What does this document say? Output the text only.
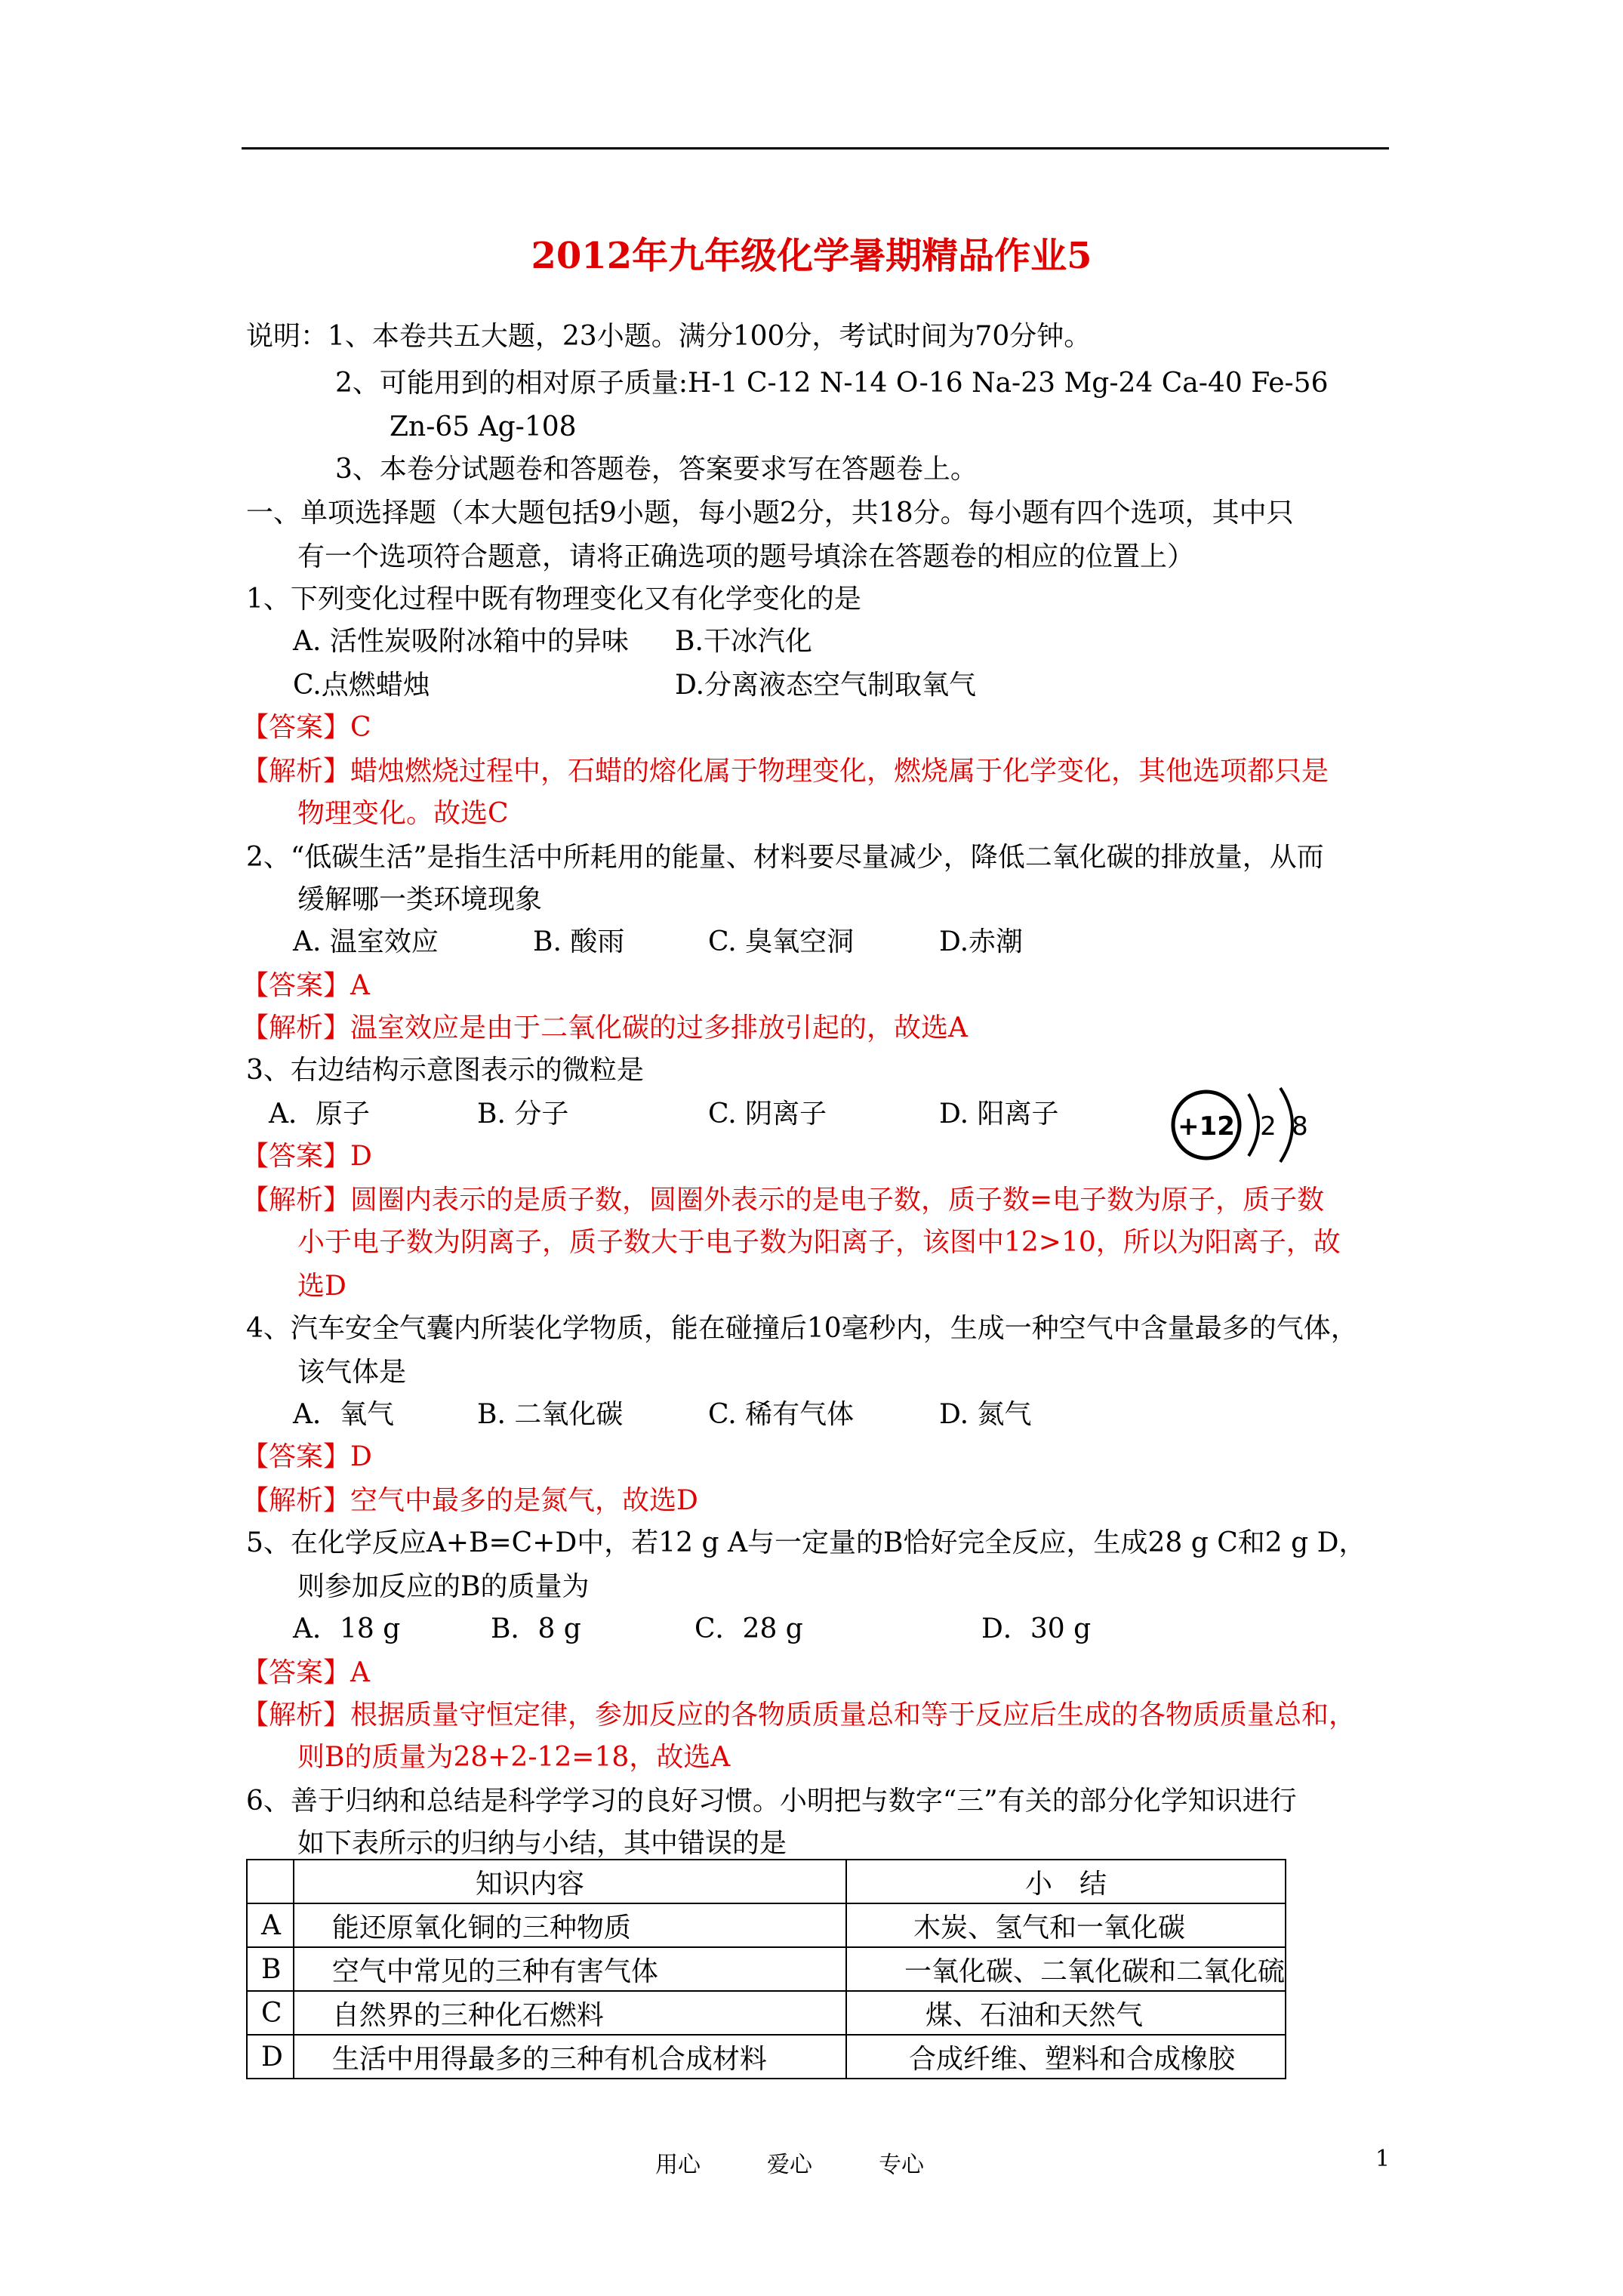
2012年九年级化学暑期精品作业5
说明：1、本卷共五大题，23小题。满分100分，考试时间为70分钟。
2、可能用到的相对原子质量:H-1 C-12 N-14 O-16 Na-23 Mg-24 Ca-40 Fe-56
Zn-65 Ag-108
3、本卷分试题卷和答题卷，答案要求写在答题卷上。
一、单项选择题（本大题包括9小题，每小题2分，共18分。每小题有四个选项，其中只
有一个选项符合题意，请将正确选项的题号填涂在答题卷的相应的位置上）
1、下列变化过程中既有物理变化又有化学变化的是
A. 活性炭吸附冰箱中的异味 B.干冰汽化
C.点燃蜡烛	D.分离液态空气制取氧气
【答案】C
【解析】蜡烛燃烧过程中，石蜡的熔化属于物理变化，燃烧属于化学变化，其他选项都只是
物理变化。故选C
2、“低碳生活”是指生活中所耗用的能量、材料要尽量减少，降低二氧化碳的排放量，从而
缓解哪一类环境现象
A. 温室效应	B. 酸雨	C. 臭氧空洞	D.赤潮
【答案】A
【解析】温室效应是由于二氧化碳的过多排放引起的，故选A
3、右边结构示意图表示的微粒是
A．原子	B. 分子	C. 阴离子	D. 阳离子	+12 2 8
【答案】D
【解析】圆圈内表示的是质子数，圆圈外表示的是电子数，质子数=电子数为原子，质子数
小于电子数为阴离子，质子数大于电子数为阳离子，该图中12>10，所以为阳离子，故
选D
4、汽车安全气囊内所装化学物质，能在碰撞后10毫秒内，生成一种空气中含量最多的气体，
该气体是
A．氧气	B. 二氧化碳	C. 稀有气体	D. 氮气
【答案】D
【解析】空气中最多的是氮气，故选D
5、在化学反应A+B=C+D中，若12 g A与一定量的B恰好完全反应，生成28 g C和2 g D，
则参加反应的B的质量为
A．18 g	B．8 g	C．28 g	D．30 g
【答案】A
【解析】根据质量守恒定律，参加反应的各物质质量总和等于反应后生成的各物质质量总和，
则B的质量为28+2-12=18，故选A
6、善于归纳和总结是科学学习的良好习惯。小明把与数字“三”有关的部分化学知识进行
如下表所示的归纳与小结，其中错误的是
	知识内容	小　结
A	能还原氧化铜的三种物质	木炭、氢气和一氧化碳
B	空气中常见的三种有害气体	一氧化碳、二氧化碳和二氧化硫
C	自然界的三种化石燃料	煤、石油和天然气
D	生活中用得最多的三种有机合成材料	合成纤维、塑料和合成橡胶
用心	爱心	专心	1
